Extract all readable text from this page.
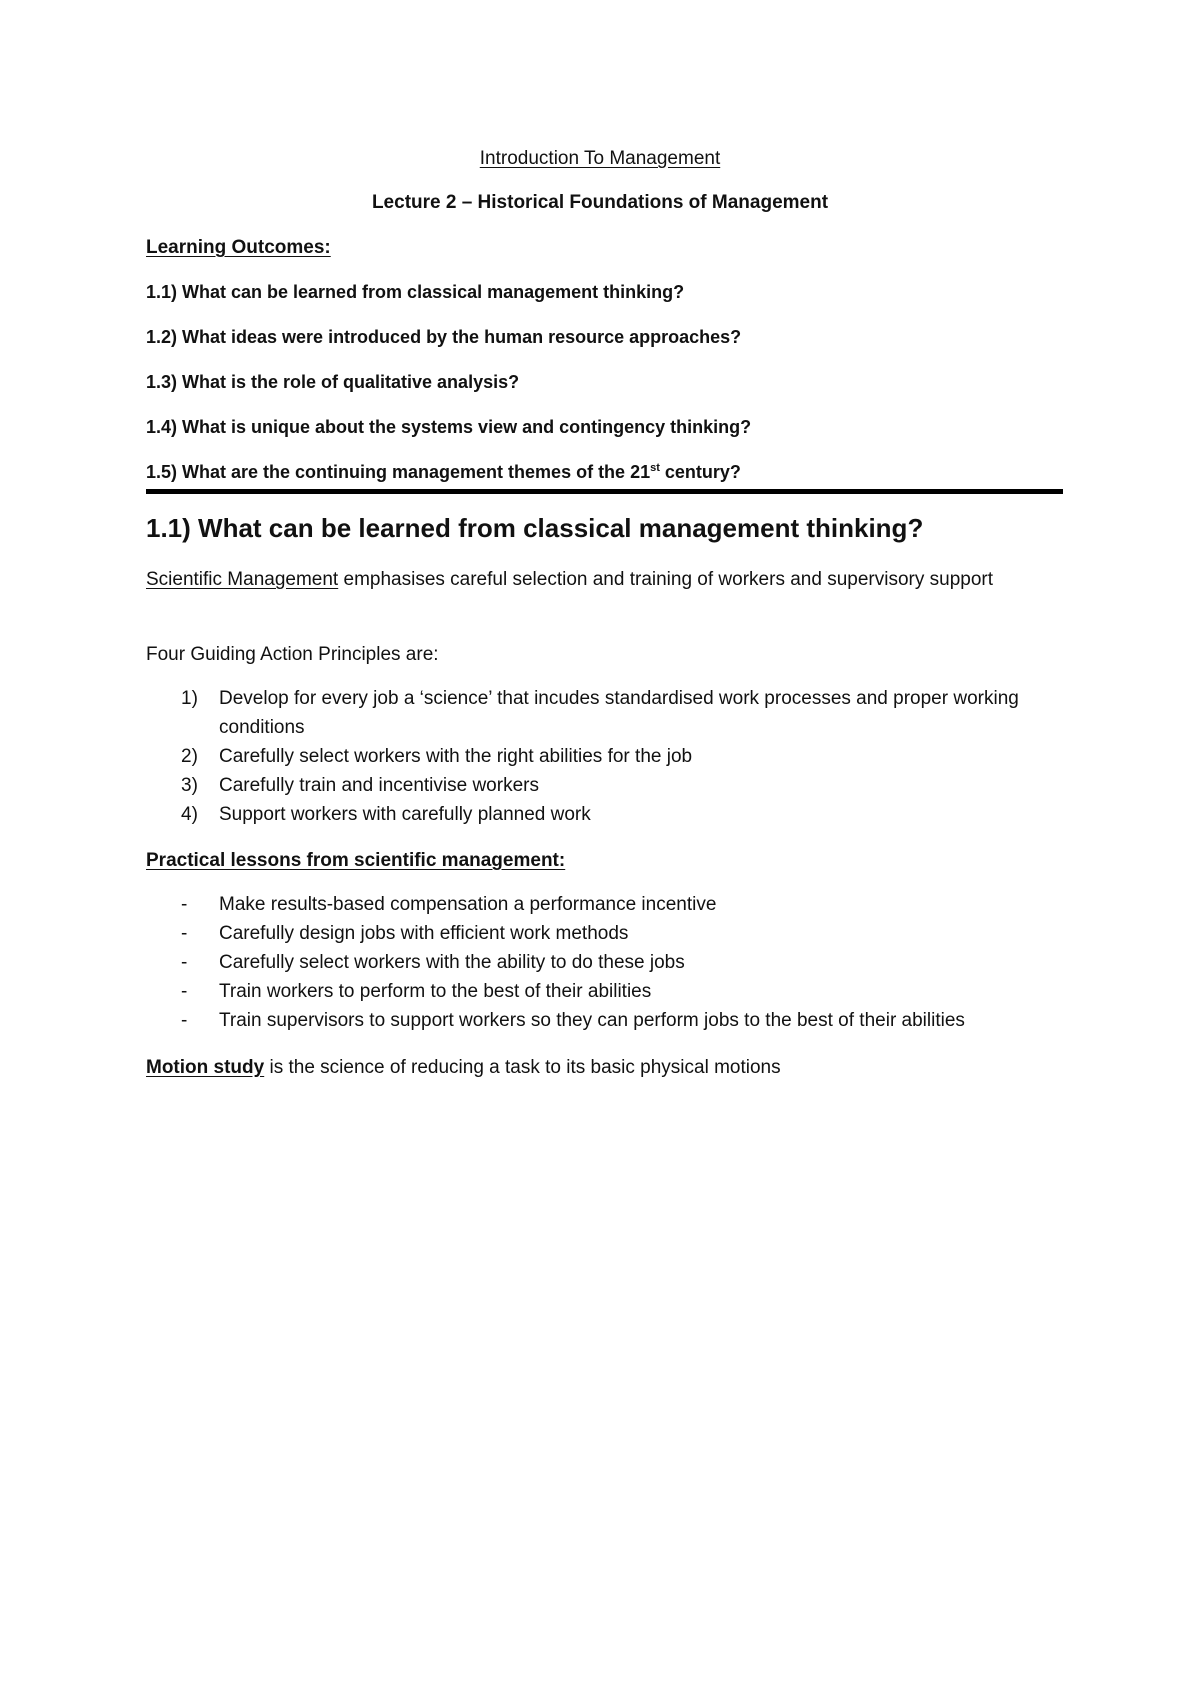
Introduction To Management
Lecture 2 – Historical Foundations of Management
Learning Outcomes:
1.1) What can be learned from classical management thinking?
1.2) What ideas were introduced by the human resource approaches?
1.3) What is the role of qualitative analysis?
1.4) What is unique about the systems view and contingency thinking?
1.5) What are the continuing management themes of the 21st century?
1.1) What can be learned from classical management thinking?
Scientific Management emphasises careful selection and training of workers and supervisory support
Four Guiding Action Principles are:
1) Develop for every job a ‘science’ that incudes standardised work processes and proper working conditions
2) Carefully select workers with the right abilities for the job
3) Carefully train and incentivise workers
4) Support workers with carefully planned work
Practical lessons from scientific management:
- Make results-based compensation a performance incentive
- Carefully design jobs with efficient work methods
- Carefully select workers with the ability to do these jobs
- Train workers to perform to the best of their abilities
- Train supervisors to support workers so they can perform jobs to the best of their abilities
Motion study is the science of reducing a task to its basic physical motions
